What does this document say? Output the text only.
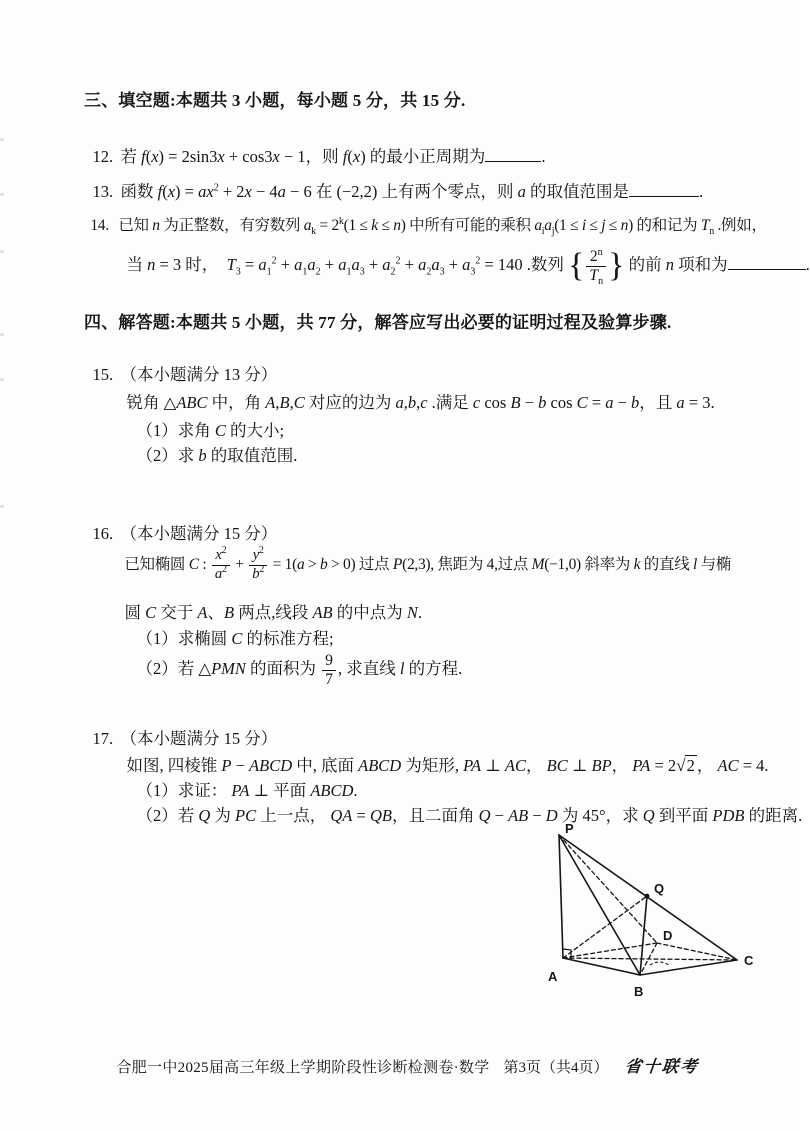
三、填空题:本题共 3 小题，每小题 5 分，共 15 分.

12. 若 f(x) = 2sin3x + cos3x − 1，则 f(x) 的最小正周期为	.

13. 函数 $f(x) = ax^2 + 2x - 4a - 6$ 在 (−2,2) 上有两个零点，则 a 的取值范围是	.

14. 已知 n 为正整数，有穷数列 $a_k = 2^k(1 \le k \le n)$ 中所有可能的乘积 $a_ia_j(1 \le i \le j \le n)$ 的和记为 $T_n$ .例如，

当 n = 3 时，  $T_3 = a_1^2 + a_1a_2 + a_1a_3 + a_2^2 + a_2a_3 + a_3^2 = 140$ .数列 { $\frac{2^n}{T_n}$ } 的前 n 项和为	.

四、解答题:本题共 5 小题，共 77 分，解答应写出必要的证明过程及验算步骤.

15. （本小题满分 13 分）

锐角 △ABC 中，角 A,B,C 对应的边为 a,b,c .满足 c cos B − b cos C = a − b，且 a = 3.

（1）求角 C 的大小;

（2）求 b 的取值范围.

16. （本小题满分 15 分）

已知椭圆 C : $\frac{x^2}{a^2} + \frac{y^2}{b^2} = 1(a > b > 0)$ 过点 P(2,3), 焦距为 4,过点 M(−1,0) 斜率为 k 的直线 l 与椭

圆 C 交于 A、B 两点,线段 AB 的中点为 N.

（1）求椭圆 C 的标准方程;

（2）若 △PMN 的面积为 $\frac{9}{7}$ , 求直线 l 的方程.

17. （本小题满分 15 分）

如图, 四棱锥 P − ABCD 中, 底面 ABCD 为矩形, PA ⊥ AC， BC ⊥ BP， PA = 2√2 ， AC = 4.

（1）求证： PA ⊥ 平面 ABCD.

（2）若 Q 为 PC 上一点， QA = QB，且二面角 Q − AB − D 为 45°，求 Q 到平面 PDB 的距离.

P
A
B
C
D
Q

合肥一中2025届高三年级上学期阶段性诊断检测卷·数学 第3页（共4页） 省十联考
